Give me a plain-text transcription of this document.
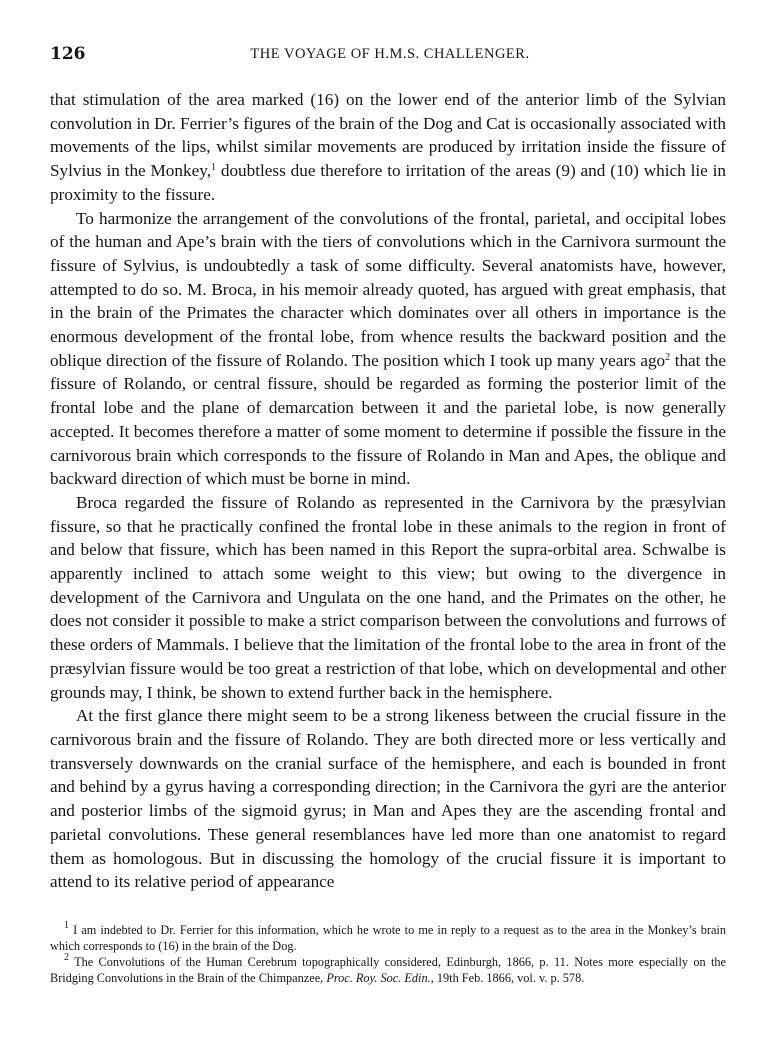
126	THE VOYAGE OF H.M.S. CHALLENGER.

that stimulation of the area marked (16) on the lower end of the anterior limb of the Sylvian convolution in Dr. Ferrier’s figures of the brain of the Dog and Cat is occasionally associated with movements of the lips, whilst similar movements are produced by irritation inside the fissure of Sylvius in the Monkey,$^1$ doubtless due therefore to irritation of the areas (9) and (10) which lie in proximity to the fissure.

To harmonize the arrangement of the convolutions of the frontal, parietal, and occipital lobes of the human and Ape’s brain with the tiers of convolutions which in the Carnivora surmount the fissure of Sylvius, is undoubtedly a task of some difficulty. Several anatomists have, however, attempted to do so. M. Broca, in his memoir already quoted, has argued with great emphasis, that in the brain of the Primates the character which dominates over all others in importance is the enormous development of the frontal lobe, from whence results the backward position and the oblique direction of the fissure of Rolando. The position which I took up many years ago$^2$ that the fissure of Rolando, or central fissure, should be regarded as forming the posterior limit of the frontal lobe and the plane of demarcation between it and the parietal lobe, is now generally accepted. It becomes therefore a matter of some moment to determine if possible the fissure in the carnivorous brain which corresponds to the fissure of Rolando in Man and Apes, the oblique and backward direction of which must be borne in mind.

Broca regarded the fissure of Rolando as represented in the Carnivora by the præsylvian fissure, so that he practically confined the frontal lobe in these animals to the region in front of and below that fissure, which has been named in this Report the supra-orbital area. Schwalbe is apparently inclined to attach some weight to this view; but owing to the divergence in development of the Carnivora and Ungulata on the one hand, and the Primates on the other, he does not consider it possible to make a strict comparison between the convolutions and furrows of these orders of Mammals. I believe that the limitation of the frontal lobe to the area in front of the præsylvian fissure would be too great a restriction of that lobe, which on developmental and other grounds may, I think, be shown to extend further back in the hemisphere.

At the first glance there might seem to be a strong likeness between the crucial fissure in the carnivorous brain and the fissure of Rolando. They are both directed more or less vertically and transversely downwards on the cranial surface of the hemisphere, and each is bounded in front and behind by a gyrus having a corresponding direction; in the Carnivora the gyri are the anterior and posterior limbs of the sigmoid gyrus; in Man and Apes they are the ascending frontal and parietal convolutions. These general resemblances have led more than one anatomist to regard them as homologous. But in discussing the homology of the crucial fissure it is important to attend to its relative period of appearance

$^1$ I am indebted to Dr. Ferrier for this information, which he wrote to me in reply to a request as to the area in the Monkey’s brain which corresponds to (16) in the brain of the Dog.

$^2$ The Convolutions of the Human Cerebrum topographically considered, Edinburgh, 1866, p. 11. Notes more especially on the Bridging Convolutions in the Brain of the Chimpanzee, Proc. Roy. Soc. Edin., 19th Feb. 1866, vol. v. p. 578.
